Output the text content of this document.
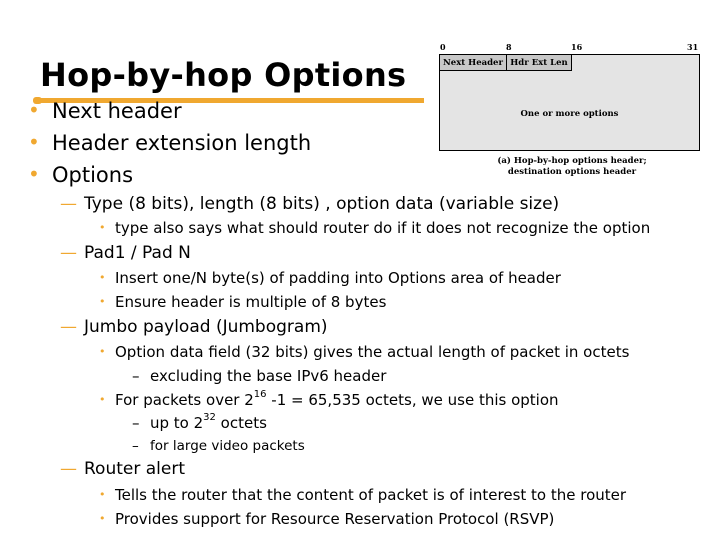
Hop-by-hop Options
0	8	16	31
Next Header Hdr Ext Len
One or more options
(a) Hop-by-hop options header;
destination options header
• Next header
• Header extension length
• Options
— Type (8 bits), length (8 bits) , option data (variable size)
• type also says what should router do if it does not recognize the option
— Pad1 / Pad N
• Insert one/N byte(s) of padding into Options area of header
• Ensure header is multiple of 8 bytes
— Jumbo payload (Jumbogram)
• Option data field (32 bits) gives the actual length of packet in octets
– excluding the base IPv6 header
• For packets over $2^{16}$ -1 = 65,535 octets, we use this option
– up to $2^{32}$ octets
– for large video packets
— Router alert
• Tells the router that the content of packet is of interest to the router
• Provides support for Resource Reservation Protocol (RSVP)
